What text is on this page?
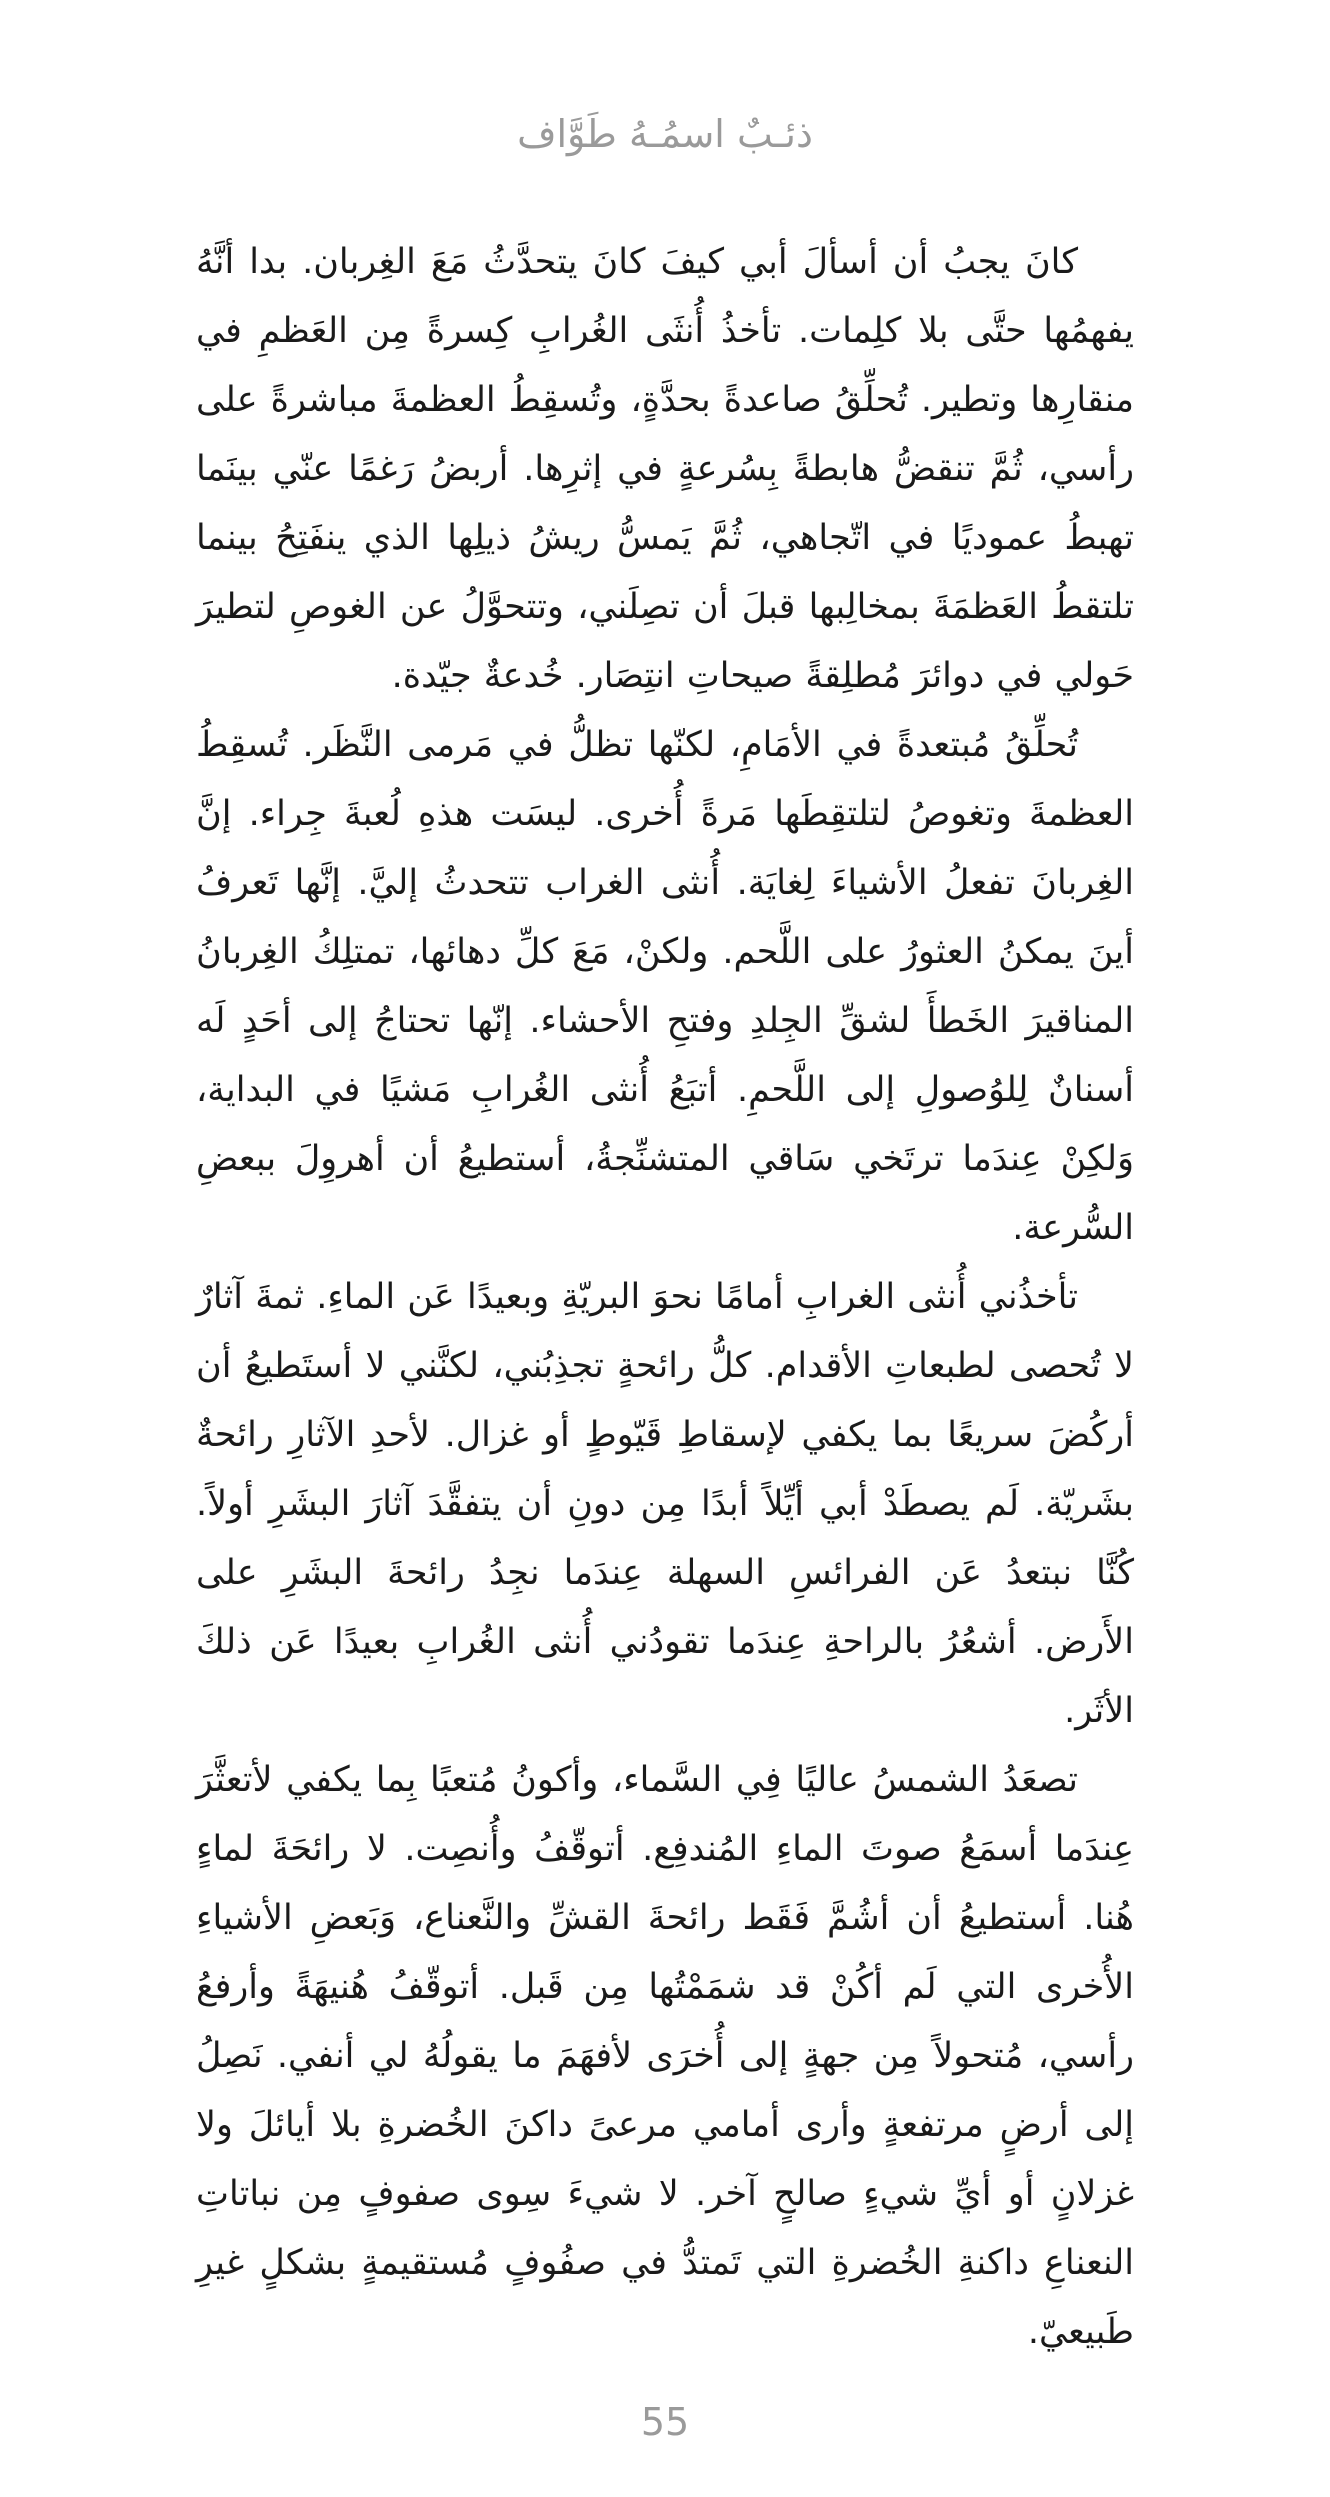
ذئـبٌ اسمُـهُ طَوَّاف

كانَ يجبُ أن أسألَ أبي كيفَ كانَ يتحدَّثُ مَعَ الغِربان. بدا أنَّهُ يفهمُها حتَّى بلا كلِمات. تأخذُ أُنثَى الغُرابِ كِسرةً مِن العَظمِ في منقارِها وتطير. تُحلِّقُ صاعدةً بحدَّةٍ، وتُسقِطُ العظمةَ مباشرةً على رأسي، ثُمَّ تنقضُّ هابطةً بِسُرعةٍ في إثرِها. أربضُ رَغمًا عنّي بينَما تهبطُ عموديًا في اتّجاهي، ثُمَّ يَمسُّ ريشُ ذيلِها الذي ينفَتِحُ بينما تلتقطُ العَظمَةَ بمخالِبها قبلَ أن تصِلَني، وتتحوَّلُ عن الغوصِ لتطيرَ حَولي في دوائرَ مُطلِقةً صيحاتِ انتِصَار. خُدعةٌ جيّدة.

تُحلِّقُ مُبتعدةً في الأمَامِ، لكنّها تظلُّ في مَرمى النَّظَر. تُسقِطُ العظمةَ وتغوصُ لتلتقِطَها مَرةً أُخرى. ليسَت هذهِ لُعبةَ جِراء. إنَّ الغِربانَ تفعلُ الأشياءَ لِغايَة. أُنثى الغراب تتحدثُ إليَّ. إنَّها تَعرفُ أينَ يمكنُ العثورُ على اللَّحم. ولكنْ، مَعَ كلِّ دهائها، تمتلِكُ الغِربانُ المناقيرَ الخَطأَ لشقِّ الجِلدِ وفتحِ الأحشاء. إنّها تحتاجُ إلى أحَدٍ لَه أسنانٌ لِلوُصولِ إلى اللَّحمِ. أتبَعُ أُنثى الغُرابِ مَشيًا في البداية، وَلكِنْ عِندَما ترتَخي سَاقي المتشنِّجةُ، أستطيعُ أن أهروِلَ ببعضِ السُّرعة.

تأخذُني أُنثى الغرابِ أمامًا نحوَ البريّةِ وبعيدًا عَن الماءِ. ثمةَ آثارٌ لا تُحصى لطبعاتِ الأقدام. كلُّ رائحةٍ تجذِبُني، لكنَّني لا أستَطيعُ أن أركُضَ سريعًا بما يكفي لإسقاطِ قَيّوطٍ أو غزال. لأحدِ الآثارِ رائحةٌ بشَريّة. لَم يصطَدْ أبي أيِّلاً أبدًا مِن دونِ أن يتفقَّدَ آثارَ البشَرِ أولاً. كُنَّا نبتعدُ عَن الفرائسِ السهلة عِندَما نجِدُ رائحةَ البشَرِ على الأَرض. أشعُرُ بالراحةِ عِندَما تقودُني أُنثى الغُرابِ بعيدًا عَن ذلكَ الأثَر.

تصعَدُ الشمسُ عاليًا فِي السَّماء، وأكونُ مُتعبًا بِما يكفي لأتعثَّرَ عِندَما أسمَعُ صوتَ الماءِ المُندفِع. أتوقّفُ وأُنصِت. لا رائحَةَ لماءٍ هُنا. أستطيعُ أن أشُمَّ فَقَط رائحةَ القشِّ والنَّعناع، وَبَعضِ الأشياءِ الأُخرى التي لَم أكُنْ قد شمَمْتُها مِن قَبل. أتوقّفُ هُنيهَةً وأرفعُ رأسي، مُتحولاً مِن جهةٍ إلى أُخرَى لأفهَمَ ما يقولُهُ لي أنفي. نَصِلُ إلى أرضٍ مرتفعةٍ وأرى أمامي مرعىً داكنَ الخُضرةِ بلا أيائلَ ولا غزلانٍ أو أيِّ شيءٍ صالحٍ آخر. لا شيءَ سِوى صفوفٍ مِن نباتاتِ النعناعِ داكنةِ الخُضرةِ التي تَمتدُّ في صفُوفٍ مُستقيمةٍ بشكلٍ غيرِ طَبيعيّ.

55
